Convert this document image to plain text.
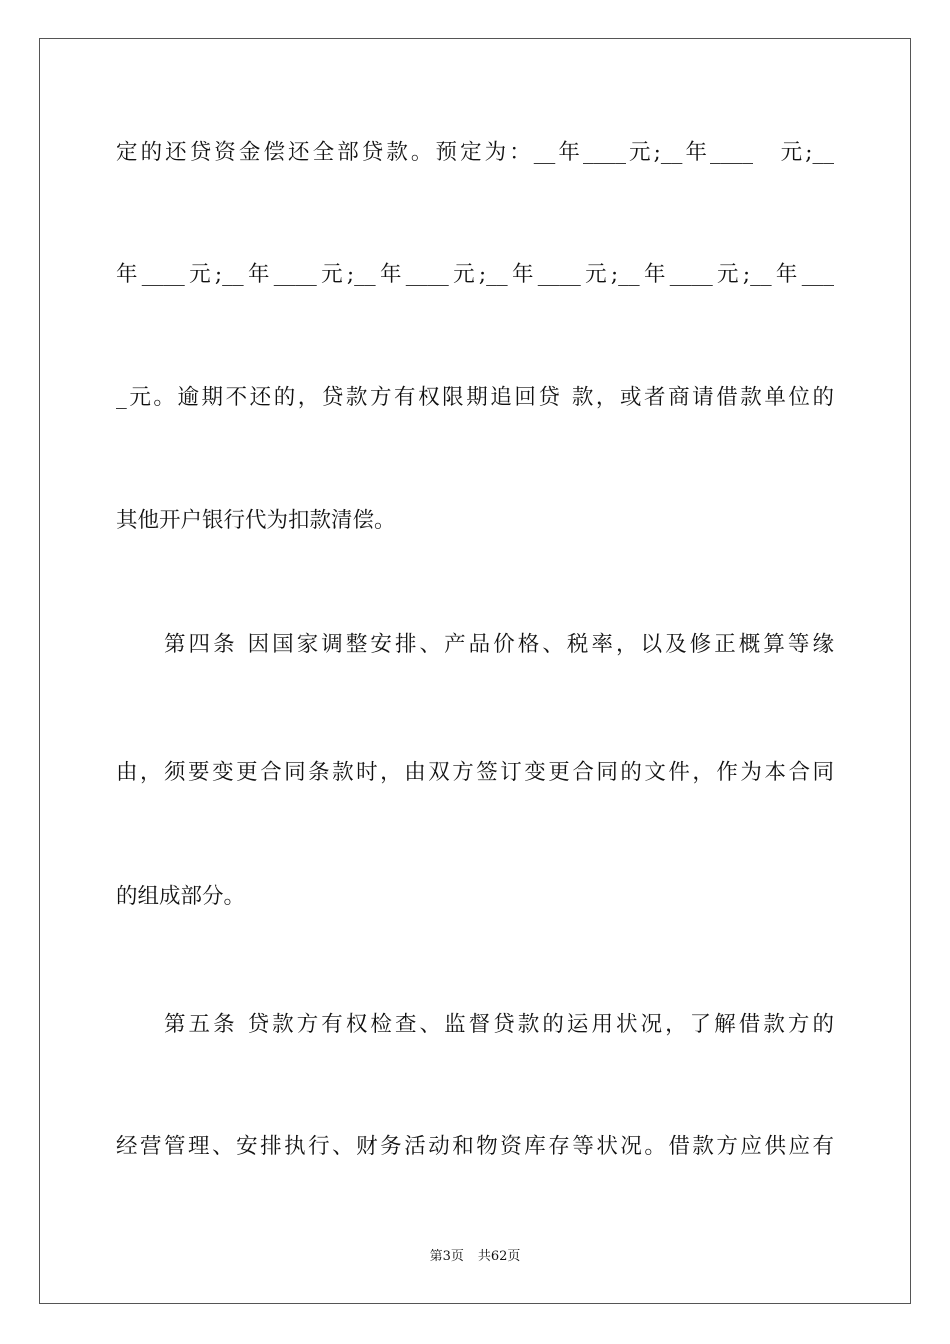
定的还贷资金偿还全部贷款。预定为：__年____元;__年____　元;__
年____元;__年____元;__年____元;__年____元;__年____元;__年___
_元。逾期不还的，贷款方有权限期追回贷 款，或者商请借款单位的
其他开户银行代为扣款清偿。
第四条 因国家调整安排、产品价格、税率，以及修正概算等缘
由，须要变更合同条款时，由双方签订变更合同的文件，作为本合同
的组成部分。
第五条 贷款方有权检查、监督贷款的运用状况，了解借款方的
经营管理、安排执行、财务活动和物资库存等状况。借款方应供应有
第3页 共62页
